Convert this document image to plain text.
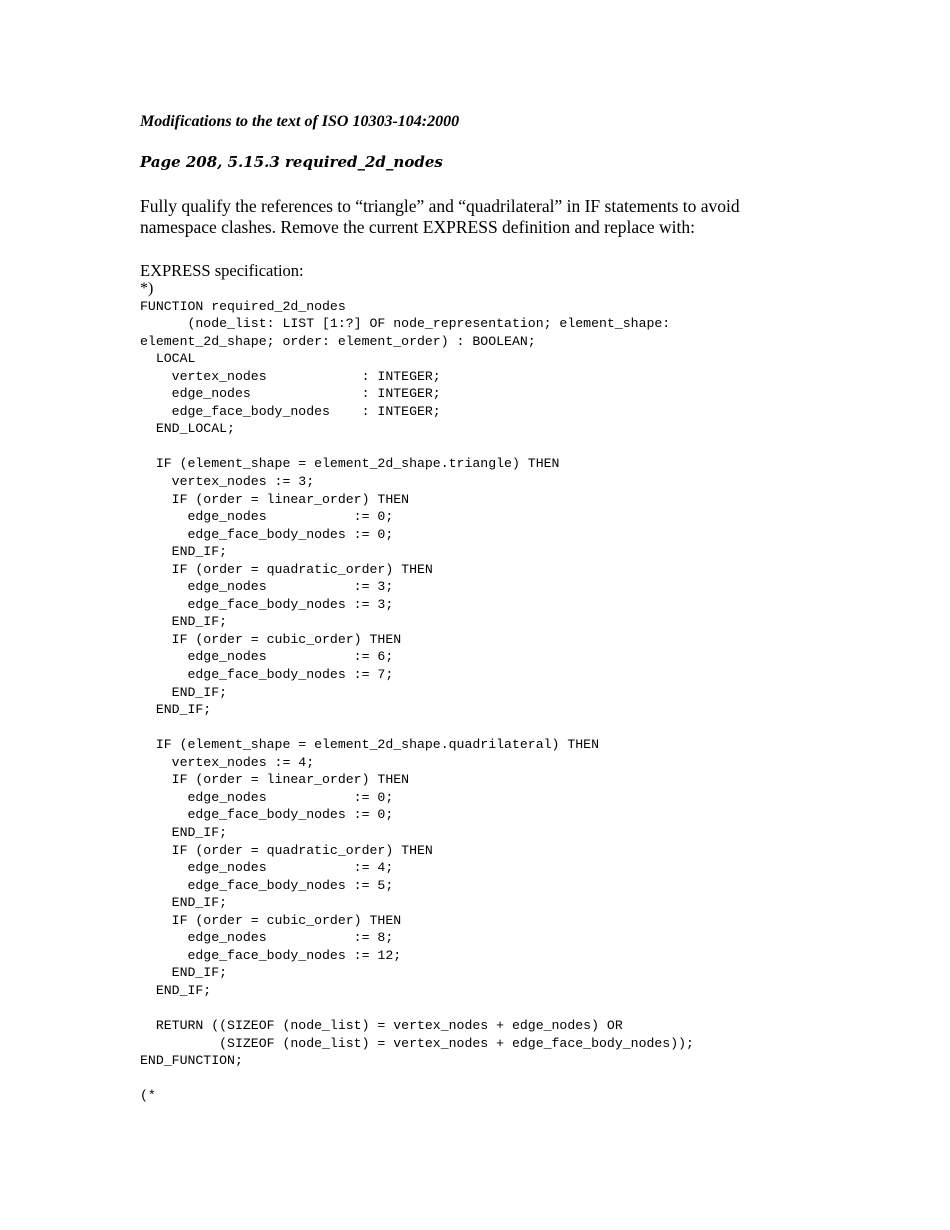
Modifications to the text of ISO 10303-104:2000

Page 208, 5.15.3 required_2d_nodes

Fully qualify the references to “triangle” and “quadrilateral” in IF statements to avoid namespace clashes. Remove the current EXPRESS definition and replace with:

EXPRESS specification:

*)
FUNCTION required_2d_nodes
(node_list: LIST [1:?] OF node_representation; element_shape:
element_2d_shape; order: element_order) : BOOLEAN;
LOCAL
vertex_nodes            : INTEGER;
edge_nodes              : INTEGER;
edge_face_body_nodes    : INTEGER;
END_LOCAL;
IF (element_shape = element_2d_shape.triangle) THEN
vertex_nodes := 3;
IF (order = linear_order) THEN
edge_nodes           := 0;
edge_face_body_nodes := 0;
END_IF;
IF (order = quadratic_order) THEN
edge_nodes           := 3;
edge_face_body_nodes := 3;
END_IF;
IF (order = cubic_order) THEN
edge_nodes           := 6;
edge_face_body_nodes := 7;
END_IF;
END_IF;
IF (element_shape = element_2d_shape.quadrilateral) THEN
vertex_nodes := 4;
IF (order = linear_order) THEN
edge_nodes           := 0;
edge_face_body_nodes := 0;
END_IF;
IF (order = quadratic_order) THEN
edge_nodes           := 4;
edge_face_body_nodes := 5;
END_IF;
IF (order = cubic_order) THEN
edge_nodes           := 8;
edge_face_body_nodes := 12;
END_IF;
END_IF;
RETURN ((SIZEOF (node_list) = vertex_nodes + edge_nodes) OR
(SIZEOF (node_list) = vertex_nodes + edge_face_body_nodes));
END_FUNCTION;
(*
